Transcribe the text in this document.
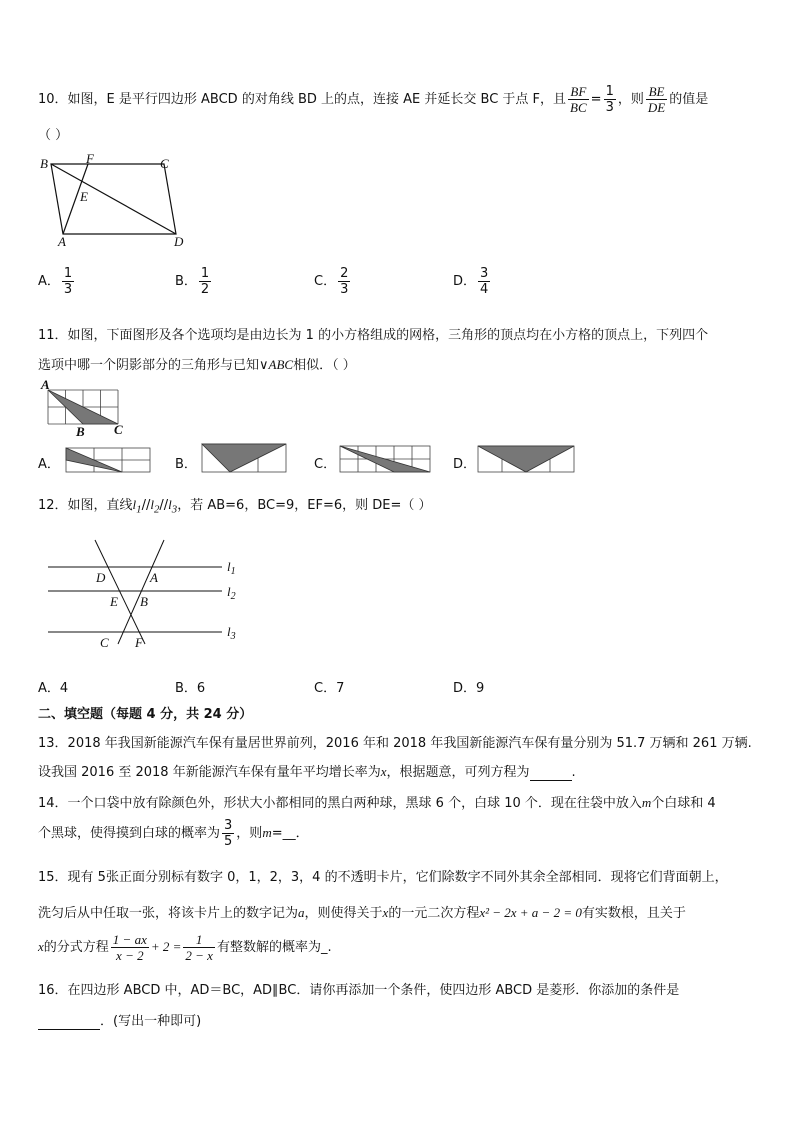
10．如图，E 是平行四边形 ABCD 的对角线 BD 上的点，连接 AE 并延长交 BC 于点 F，且 $\frac{BF}{BC} = \frac{1}{3}$ ，则 $\frac{BE}{DE}$ 的值是
（ ）
B	F	C
E
A	D
A． $\frac{1}{3}$	B． $\frac{1}{2}$	C． $\frac{2}{3}$	D． $\frac{3}{4}$
11．如图，下面图形及各个选项均是由边长为 1 的小方格组成的网格，三角形的顶点均在小方格的顶点上，下列四个
选项中哪一个阴影部分的三角形与已知∨ABC相似．（ ）
A
B C
A．	B．	C．	D．
12．如图，直线$l_1//l_2//l_3$，若 AB=6，BC=9，EF=6，则 DE=（ ）
D	A
E B
C F
$l_1$
$l_2$
$l_3$
A．4	B．6	C．7	D．9
二、填空题（每题 4 分，共 24 分）
13．2018 年我国新能源汽车保有量居世界前列，2016 年和 2018 年我国新能源汽车保有量分别为 51.7 万辆和 261 万辆.
设我国 2016 至 2018 年新能源汽车保有量年平均增长率为x，根据题意，可列方程为	.
14．一个口袋中放有除颜色外，形状大小都相同的黑白两种球，黑球 6 个，白球 10 个．现在往袋中放入m个白球和 4
个黑球，使得摸到白球的概率为 $\frac{3}{5}$ ，则m=__．
15．现有 5张正面分别标有数字 0，1，2，3，4 的不透明卡片，它们除数字不同外其余全部相同．现将它们背面朝上，
洗匀后从中任取一张，将该卡片上的数字记为a，则使得关于x的一元二次方程x² − 2x + a − 2 = 0有实数根，且关于
x的分式方程 $\frac{1 - ax}{x - 2} + 2 = \frac{1}{2 - x}$ 有整数解的概率为_.
16．在四边形 ABCD 中，AD＝BC，AD∥BC．请你再添加一个条件，使四边形 ABCD 是菱形．你添加的条件是
．(写出一种即可)
